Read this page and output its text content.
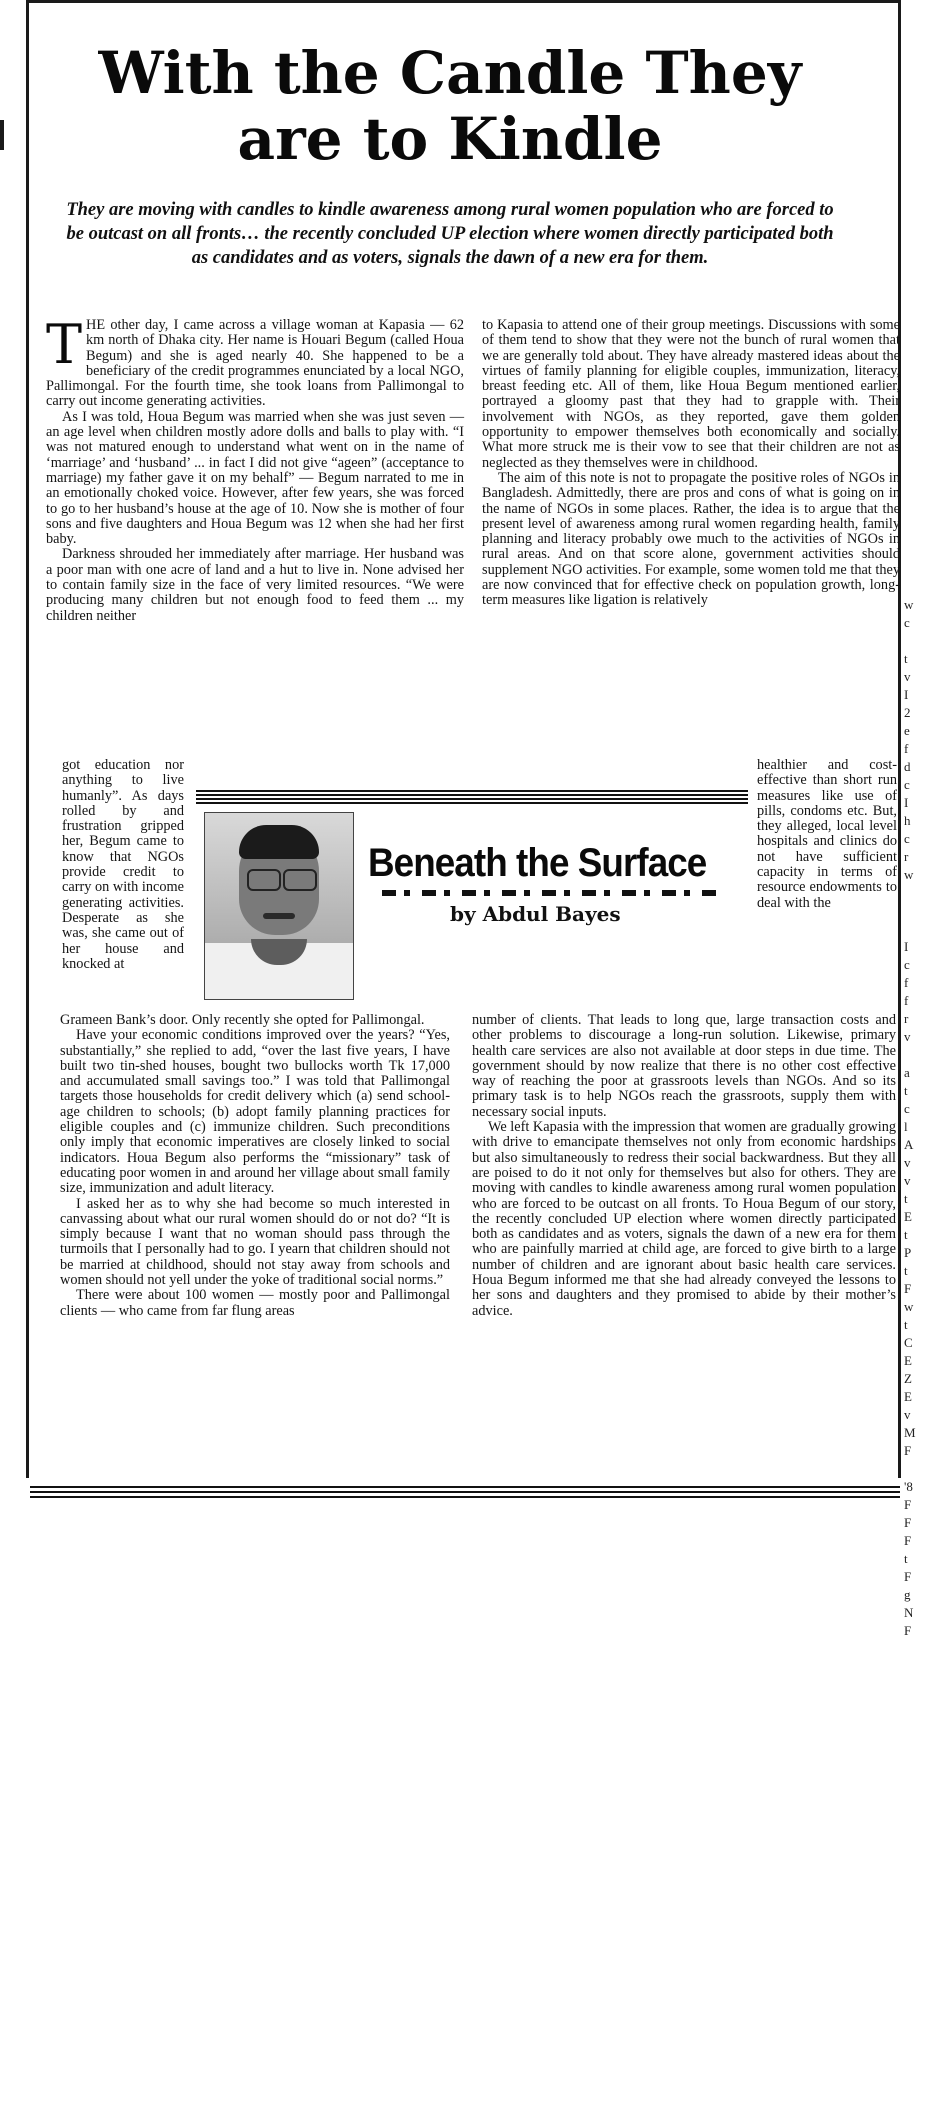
With the Candle They
are to Kindle
They are moving with candles to kindle awareness among rural women population who are forced to be outcast on all fronts… the recently concluded UP election where women directly participated both as candidates and as voters, signals the dawn of a new era for them.

THE other day, I came across a village woman at Kapasia — 62 km north of Dhaka city. Her name is Houari Begum (called Houa Begum) and she is aged nearly 40. She happened to be a beneficiary of the credit programmes enunciated by a local NGO, Pallimongal. For the fourth time, she took loans from Pallimongal to carry out income generating activities.

As I was told, Houa Begum was married when she was just seven — an age level when children mostly adore dolls and balls to play with. “I was not matured enough to understand what went on in the name of ‘marriage’ and ‘husband’ ... in fact I did not give “ageen” (acceptance to marriage) my father gave it on my behalf” — Begum narrated to me in an emotionally choked voice. However, after few years, she was forced to go to her husband’s house at the age of 10. Now she is mother of four sons and five daughters and Houa Begum was 12 when she had her first baby.

Darkness shrouded her immediately after marriage. Her husband was a poor man with one acre of land and a hut to live in. None advised her to contain family size in the face of very limited resources. “We were producing many children but not enough food to feed them ... my children neither

got education nor anything to live humanly”. As days rolled by and frustration gripped her, Begum came to know that NGOs provide credit to carry on with income generating activities. Desperate as she was, she came out of her house and knocked at

Grameen Bank’s door. Only recently she opted for Pallimongal.

Have your economic conditions improved over the years? “Yes, substantially,” she replied to add, “over the last five years, I have built two tin-shed houses, bought two bullocks worth Tk 17,000 and accumulated small savings too.” I was told that Pallimongal targets those households for credit delivery which (a) send school-age children to schools; (b) adopt family planning practices for eligible couples and (c) immunize children. Such preconditions only imply that economic imperatives are closely linked to social indicators. Houa Begum also performs the “missionary” task of educating poor women in and around her village about small family size, immunization and adult literacy.

I asked her as to why she had become so much interested in canvassing about what our rural women should do or not do? “It is simply because I want that no woman should pass through the turmoils that I personally had to go. I yearn that children should not be married at childhood, should not stay away from schools and women should not yell under the yoke of traditional social norms.”

There were about 100 women — mostly poor and Pallimongal clients — who came from far flung areas

to Kapasia to attend one of their group meetings. Discussions with some of them tend to show that they were not the bunch of rural women that we are generally told about. They have already mastered ideas about the virtues of family planning for eligible couples, immunization, literacy, breast feeding etc. All of them, like Houa Begum mentioned earlier, portrayed a gloomy past that they had to grapple with. Their involvement with NGOs, as they reported, gave them golden opportunity to empower themselves both economically and socially. What more struck me is their vow to see that their children are not as neglected as they themselves were in childhood.

The aim of this note is not to propagate the positive roles of NGOs in Bangladesh. Admittedly, there are pros and cons of what is going on in the name of NGOs in some places. Rather, the idea is to argue that the present level of awareness among rural women regarding health, family planning and literacy probably owe much to the activities of NGOs in rural areas. And on that score alone, government activities should supplement NGO activities. For example, some women told me that they are now convinced that for effective check on population growth, long-term measures like ligation is relatively

healthier and cost-effective than short run measures like use of pills, condoms etc. But, they alleged, local level hospitals and clinics do not have sufficient capacity in terms of resource endowments to deal with the

number of clients. That leads to long que, large transaction costs and other problems to discourage a long-run solution. Likewise, primary health care services are also not available at door steps in due time. The government should by now realize that there is no other cost effective way of reaching the poor at grassroots levels than NGOs. And so its primary task is to help NGOs reach the grassroots, supply them with necessary social inputs.

We left Kapasia with the impression that women are gradually growing with drive to emancipate themselves not only from economic hardships but also simultaneously to redress their social backwardness. But they all are poised to do it not only for themselves but also for others. They are moving with candles to kindle awareness among rural women population who are forced to be outcast on all fronts. To Houa Begum of our story, the recently concluded UP election where women directly participated both as candidates and as voters, signals the dawn of a new era for them who are painfully married at child age, are forced to give birth to a large number of children and are ignorant about basic health care services. Houa Begum informed me that she had already conveyed the lessons to her sons and daughters and they promised to abide by their mother’s advice.

Beneath the Surface
by Abdul Bayes
w
c

t
v
I
2
e
f
d
c
I
h
c
r
w

I
c
f
f
r
v

a
t
c
l
A
v
v
t
E
t
P
t
F
w
t
C
E
Z
E
v
M
F

'8
F
F
F
t
F
g
N
F
